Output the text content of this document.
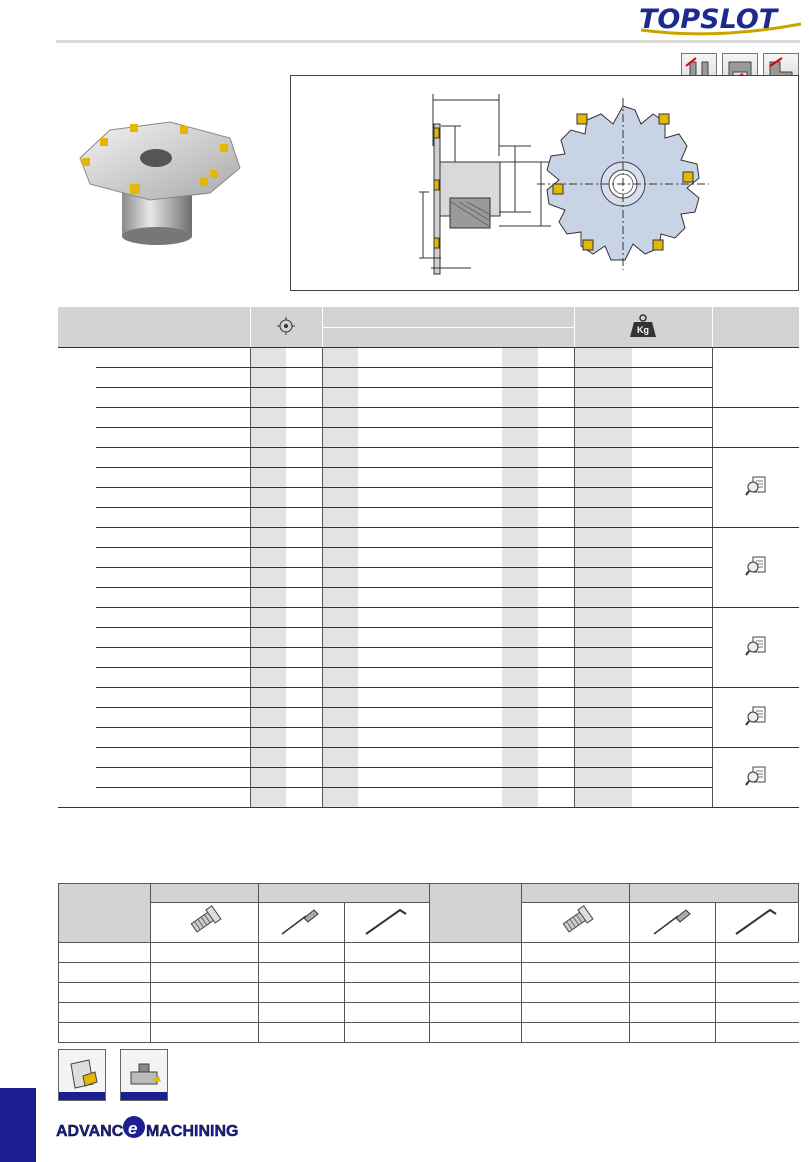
TOPSLOT

Kg		

ADVANC e MACHINING
